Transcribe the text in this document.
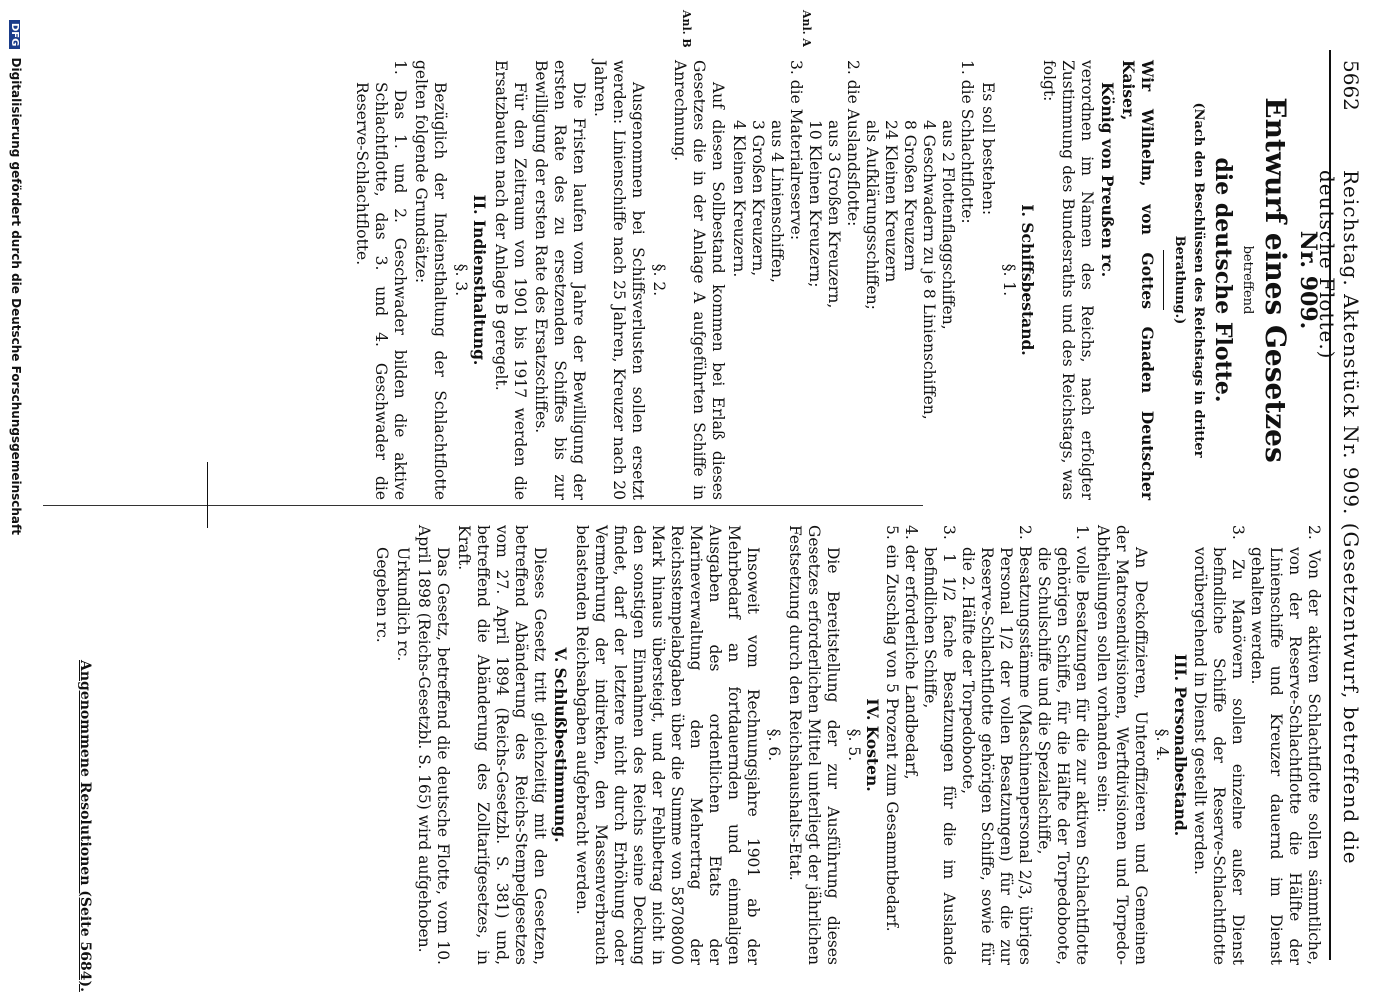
5662
Reichstag. Aktenstück Nr. 909. (Gesetzentwurf, betreffend die deutsche Flotte.)
Nr. 909.
Entwurf eines Gesetzes
betreffend
die deutsche Flotte.
(Nach den Beschlüssen des Reichstags in dritter Berathung.)

Wir Wilhelm, von Gottes Gnaden Deutscher Kaiser,

König von Preußen rc.

verordnen im Namen des Reichs, nach erfolgter Zustimmung des Bundesraths und des Reichstags, was folgt:

I. Schiffsbestand.
§. 1.

Es soll bestehen:

1. die Schlachtflotte:

aus 2 Flottenflaggschiffen,

4 Geschwadern zu je 8 Linienschiffen,

8 Großen Kreuzern

24 Kleinen Kreuzern

als Aufklärungsschiffen;

2. die Auslandsflotte:

aus 3 Großen Kreuzern,

10 Kleinen Kreuzern;

3. die Materialreserve:

aus 4 Linienschiffen,

3 Großen Kreuzern,

4 Kleinen Kreuzern.

Auf diesen Sollbestand kommen bei Erlaß dieses Gesetzes die in der Anlage A aufgeführten Schiffe in Anrechnung.

§. 2.

Ausgenommen bei Schiffsverlusten sollen ersetzt werden: Linienschiffe nach 25 Jahren, Kreuzer nach 20 Jahren.

Die Fristen laufen vom Jahre der Bewilligung der ersten Rate des zu ersetzenden Schiffes bis zur Bewilligung der ersten Rate des Ersatzschiffes.

Für den Zeitraum von 1901 bis 1917 werden die Ersatzbauten nach der Anlage B geregelt.

II. Indiensthaltung.
§. 3.

Bezüglich der Indiensthaltung der Schlachtflotte gelten folgende Grundsätze:

1. Das 1. und 2. Geschwader bilden die aktive Schlachtflotte, das 3. und 4. Geschwader die Reserve-Schlachtflotte.

Anl. A
Anl. B

2. Von der aktiven Schlachtflotte sollen sämmtliche, von der Reserve-Schlachtflotte die Hälfte der Linienschiffe und Kreuzer dauernd im Dienst gehalten werden.

3. Zu Manövern sollen einzelne außer Dienst befindliche Schiffe der Reserve-Schlachtflotte vorübergehend in Dienst gestellt werden.

III. Personalbestand.
§. 4.

An Deckoffizieren, Unteroffizieren und Gemeinen der Matrosendivisionen, Werftdivisionen und Torpedo-Abtheilungen sollen vorhanden sein:

1. volle Besatzungen für die zur aktiven Schlachtflotte gehörigen Schiffe, für die Hälfte der Torpedoboote, die Schulschiffe und die Spezialschiffe,

2. Besatzungsstämme (Maschinenpersonal 2/3, übriges Personal 1/2 der vollen Besatzungen) für die zur Reserve-Schlachtflotte gehörigen Schiffe, sowie für die 2. Hälfte der Torpedoboote,

3. 1 1/2 fache Besatzungen für die im Auslande befindlichen Schiffe,

4. der erforderliche Landbedarf,

5. ein Zuschlag von 5 Prozent zum Gesammtbedarf.

IV. Kosten.
§. 5.

Die Bereitstellung der zur Ausführung dieses Gesetzes erforderlichen Mittel unterliegt der jährlichen Festsetzung durch den Reichshaushalts-Etat.

§. 6.

Insoweit vom Rechnungsjahre 1901 ab der Mehrbedarf an fortdauernden und einmaligen Ausgaben des ordentlichen Etats der Marineverwaltung den Mehrertrag der Reichsstempelabgaben über die Summe von 58708000 Mark hinaus übersteigt, und der Fehlbetrag nicht in den sonstigen Einnahmen des Reichs seine Deckung findet, darf der letztere nicht durch Erhöhung oder Vermehrung der indirekten, den Massenverbrauch belastenden Reichsabgaben aufgebracht werden.

V. Schlußbestimmung.

Dieses Gesetz tritt gleichzeitig mit den Gesetzen, betreffend Abänderung des Reichs-Stempelgesetzes vom 27. April 1894 (Reichs-Gesetzbl. S. 381) und, betreffend die Abänderung des Zolltarifgesetzes, in Kraft.

Das Gesetz, betreffend die deutsche Flotte, vom 10. April 1898 (Reichs-Gesetzbl. S. 165) wird aufgehoben.

Urkundlich rc.

Gegeben rc.

Angenommene Resolutionen (Seite 5684).
DFG Digitalisierung gefördert durch die Deutsche Forschungsgemeinschaft
